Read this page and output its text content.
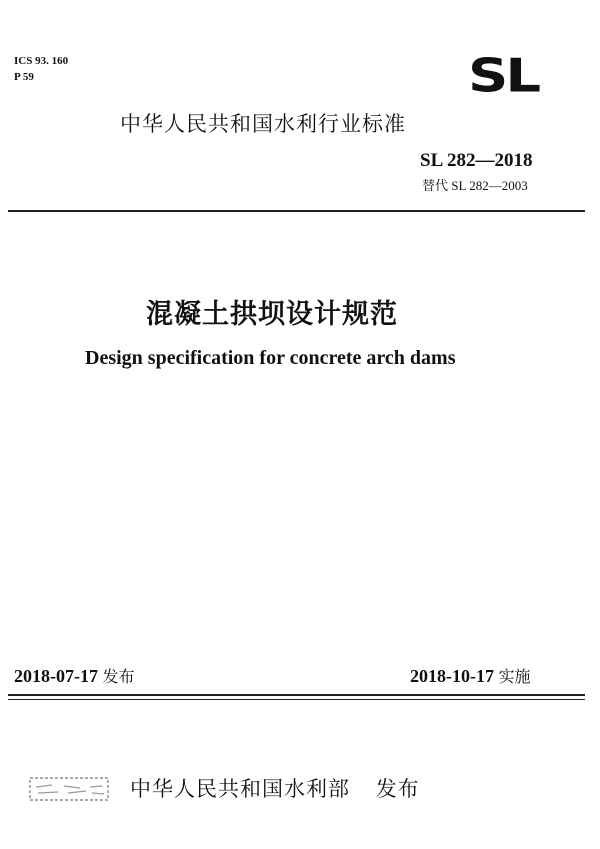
ICS 93. 160
P 59	SL
中华人民共和国水利行业标准
SL 282—2018
替代 SL 282—2003
混凝土拱坝设计规范
Design specification for concrete arch dams
2018-07-17 发布	2018-10-17 实施
中华人民共和国水利部 发布
